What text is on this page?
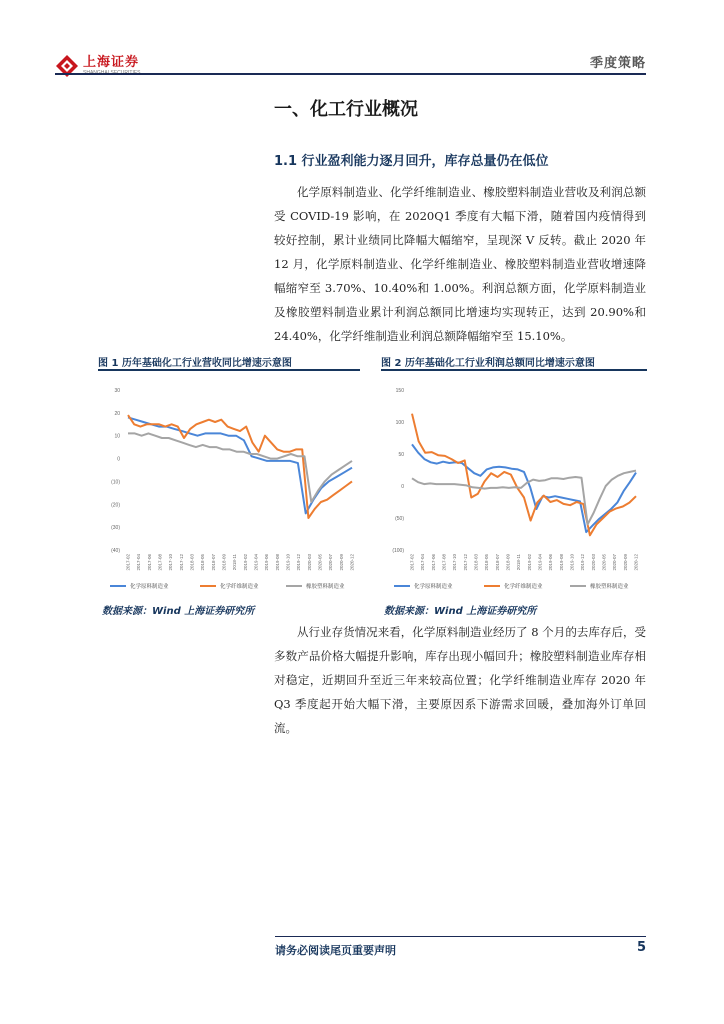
上海证券	季度策略
一、化工行业概况
1.1 行业盈利能力逐月回升，库存总量仍在低位
化学原料制造业、化学纤维制造业、橡胶塑料制造业营收及利润总额受 COVID-19 影响，在 2020Q1 季度有大幅下滑，随着国内疫情得到较好控制，累计业绩同比降幅大幅缩窄，呈现深 V 反转。截止 2020 年 12 月，化学原料制造业、化学纤维制造业、橡胶塑料制造业营收增速降幅缩窄至 3.70%、10.40%和 1.00%。利润总额方面，化学原料制造业及橡胶塑料制造业累计利润总额同比增速均实现转正，达到 20.90%和 24.40%，化学纤维制造业利润总额降幅缩窄至 15.10%。
图 1 历年基础化工行业营收同比增速示意图	图 2 历年基础化工行业利润总额同比增速示意图
30
20
10
0
(10)
(20)
(30)
(40)
2017-02 2017-04 2017-06 2017-08 2017-10 2017-12 2018-03 2018-05 2018-07 2018-09 2018-11 2019-02 2019-04 2019-06 2019-08 2019-10 2019-12 2020-03 2020-05 2020-07 2020-09 2020-12
化学原料制造业	化学纤维制造业	橡胶塑料制造业
150
100
50
0
(50)
(100)
2017-02 2017-04 2017-06 2017-08 2017-10 2017-12 2018-03 2018-05 2018-07 2018-09 2018-11 2019-02 2019-04 2019-06 2019-08 2019-10 2019-12 2020-03 2020-05 2020-07 2020-09 2020-12
化学原料制造业	化学纤维制造业	橡胶塑料制造业
数据来源：Wind 上海证券研究所	数据来源：Wind 上海证券研究所
从行业存货情况来看，化学原料制造业经历了 8 个月的去库存后，受多数产品价格大幅提升影响，库存出现小幅回升；橡胶塑料制造业库存相对稳定，近期回升至近三年来较高位置；化学纤维制造业库存 2020 年 Q3 季度起开始大幅下滑，主要原因系下游需求回暖，叠加海外订单回流。
请务必阅读尾页重要声明	5
